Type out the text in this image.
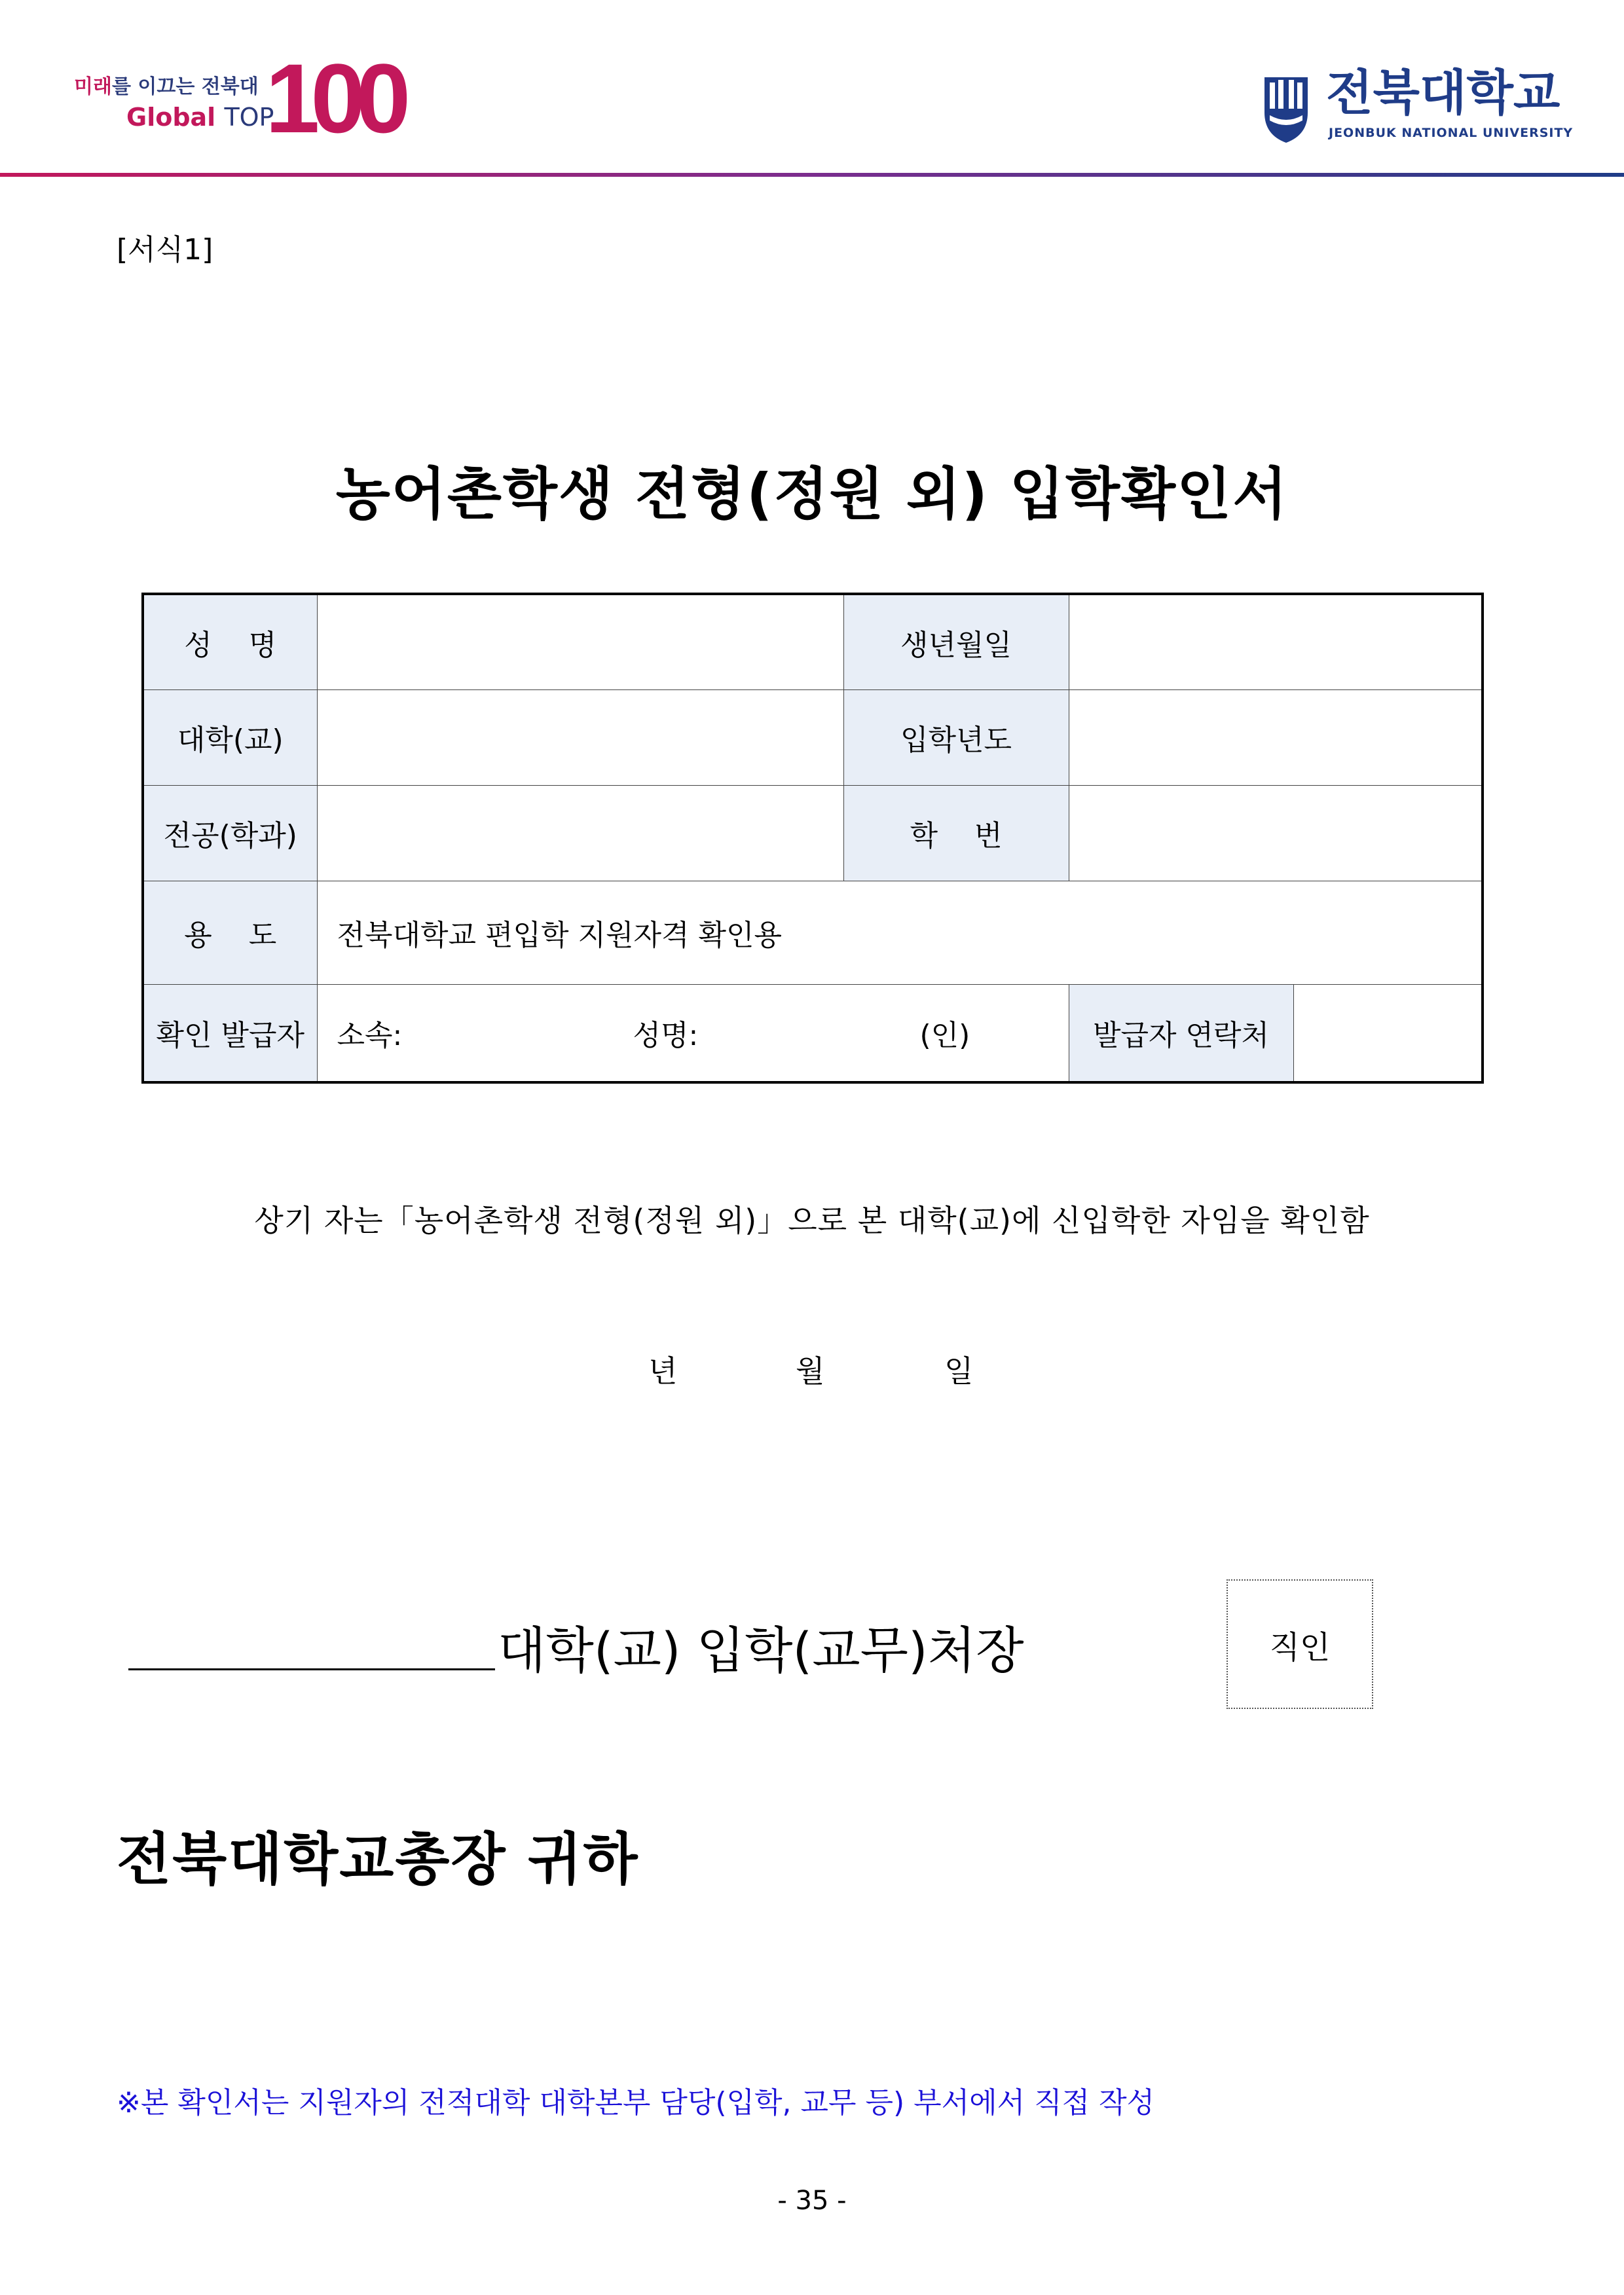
미래를 이끄는 전북대
Global TOP
100	전북대학교
JEONBUK NATIONAL UNIVERSITY
[서식1]
농어촌학생 전형(정원 외) 입학확인서
성    명		생년월일		
대학(교)		입학년도		
전공(학과)		학    번		
용    도	전북대학교 편입학 지원자격 확인용			
확인 발급자	소속: 성명: (인)		발급자 연락처	
상기 자는「농어촌학생 전형(정원 외)」으로 본 대학(교)에 신입학한 자임을 확인함
년	월	일
대학(교) 입학(교무)처장	직인
전북대학교총장 귀하
※본 확인서는 지원자의 전적대학 대학본부 담당(입학, 교무 등) 부서에서 직접 작성
- 35 -
